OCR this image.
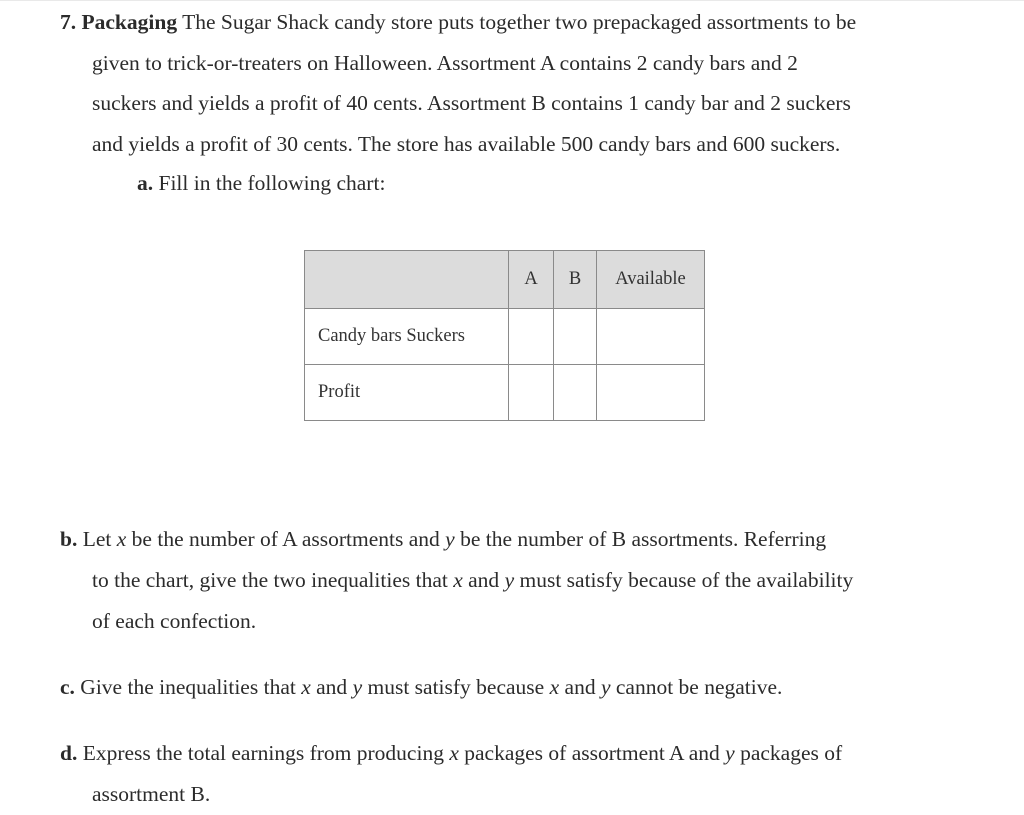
7. Packaging The Sugar Shack candy store puts together two prepackaged assortments to be
given to trick-or-treaters on Halloween. Assortment A contains 2 candy bars and 2
suckers and yields a profit of 40 cents. Assortment B contains 1 candy bar and 2 suckers
and yields a profit of 30 cents. The store has available 500 candy bars and 600 suckers.
a. Fill in the following chart:
	A	B	Available
Candy bars Suckers			
Profit			
b. Let x be the number of A assortments and y be the number of B assortments. Referring
to the chart, give the two inequalities that x and y must satisfy because of the availability
of each confection.
c. Give the inequalities that x and y must satisfy because x and y cannot be negative.
d. Express the total earnings from producing x packages of assortment A and y packages of
assortment B.
